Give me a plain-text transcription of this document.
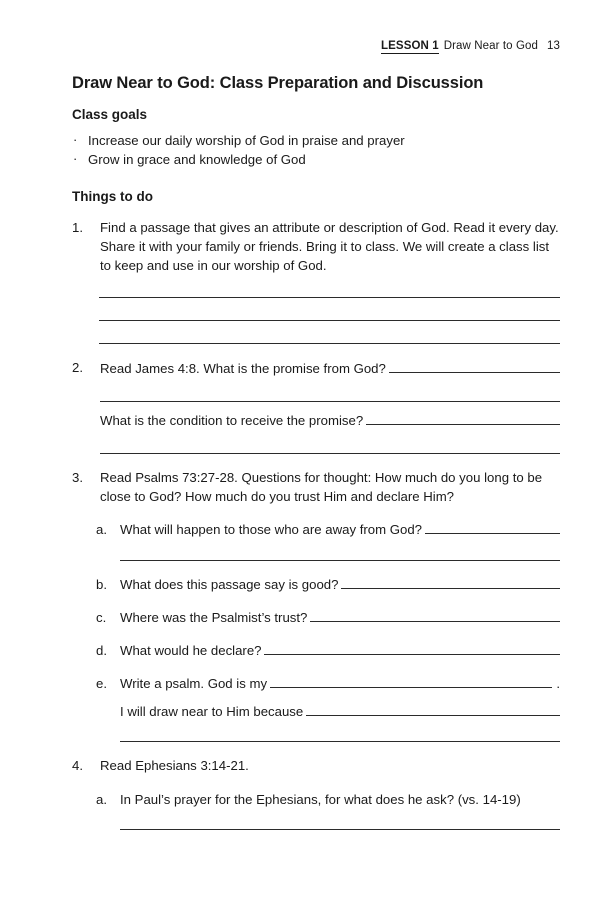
LESSON 1 Draw Near to God 13
Draw Near to God: Class Preparation and Discussion
Class goals
· Increase our daily worship of God in praise and prayer
· Grow in grace and knowledge of God
Things to do
1.	Find a passage that gives an attribute or description of God. Read it every day. Share it with your family or friends. Bring it to class. We will create a class list to keep and use in our worship of God.

2.	Read James 4:8. What is the promise from God?
What is the condition to receive the promise?
3.	Read Psalms 73:27-28. Questions for thought: How much do you long to be close to God? How much do you trust Him and declare Him?

a. What will happen to those who are away from God?
b. What does this passage say is good?
c.	Where was the Psalmist’s trust?
d. What would he declare?
e. Write a psalm. God is my	.
I will draw near to Him because
4.	Read Ephesians 3:14-21.

a. In Paul’s prayer for the Ephesians, for what does he ask? (vs. 14-19)
